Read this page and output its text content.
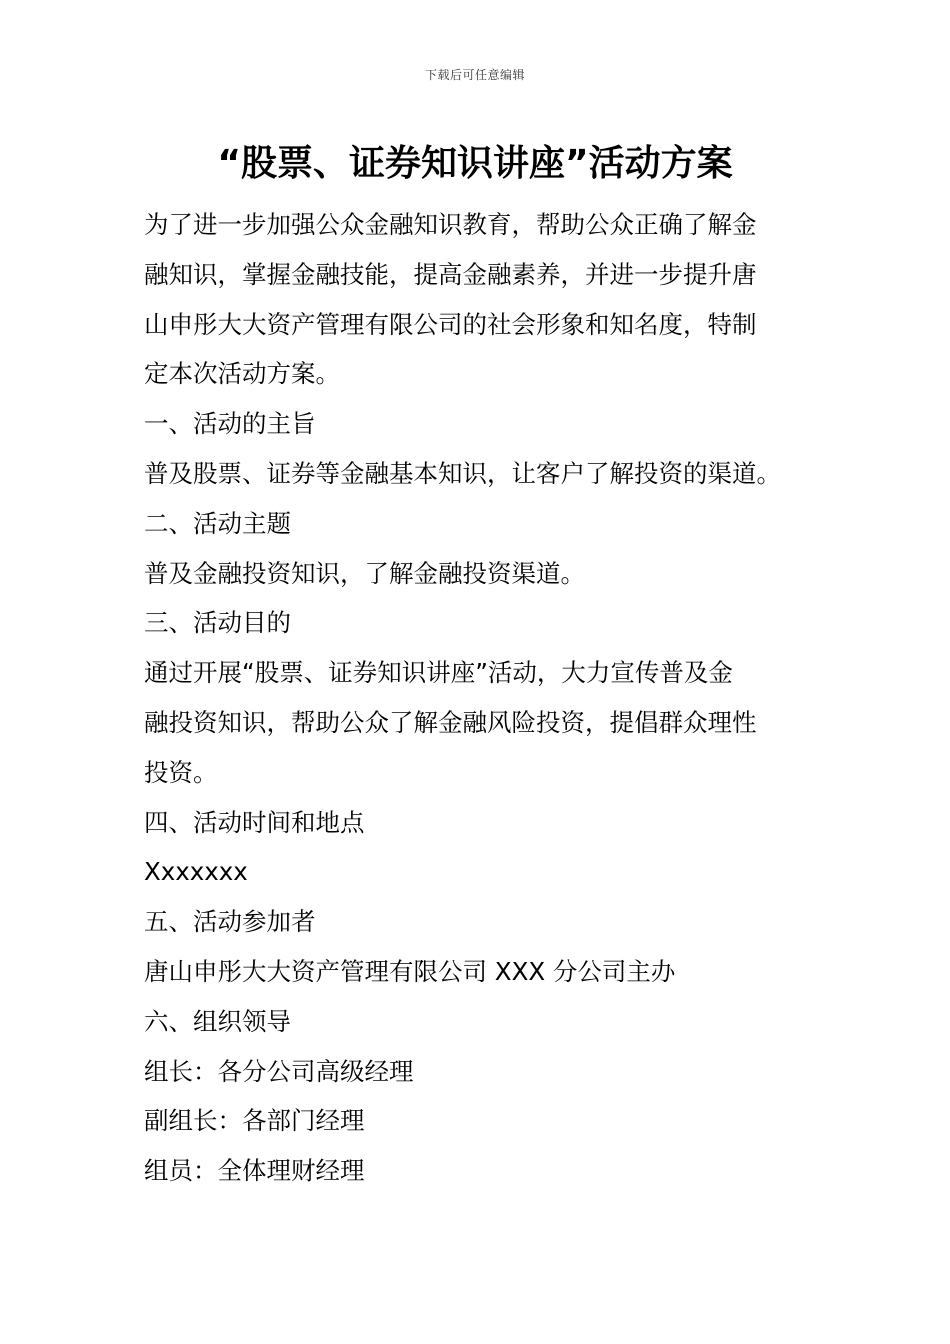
下载后可任意编辑
“股票、证券知识讲座”活动方案
为了进一步加强公众金融知识教育，帮助公众正确了解金
融知识，掌握金融技能，提高金融素养，并进一步提升唐
山申彤大大资产管理有限公司的社会形象和知名度，特制
定本次活动方案。
一、活动的主旨
普及股票、证券等金融基本知识，让客户了解投资的渠道。
二、活动主题
普及金融投资知识，了解金融投资渠道。
三、活动目的
通过开展“股票、证券知识讲座”活动，大力宣传普及金
融投资知识，帮助公众了解金融风险投资，提倡群众理性
投资。
四、活动时间和地点
Xxxxxxx
五、活动参加者
唐山申彤大大资产管理有限公司 XXX 分公司主办
六、组织领导
组长：各分公司高级经理
副组长：各部门经理
组员：全体理财经理
